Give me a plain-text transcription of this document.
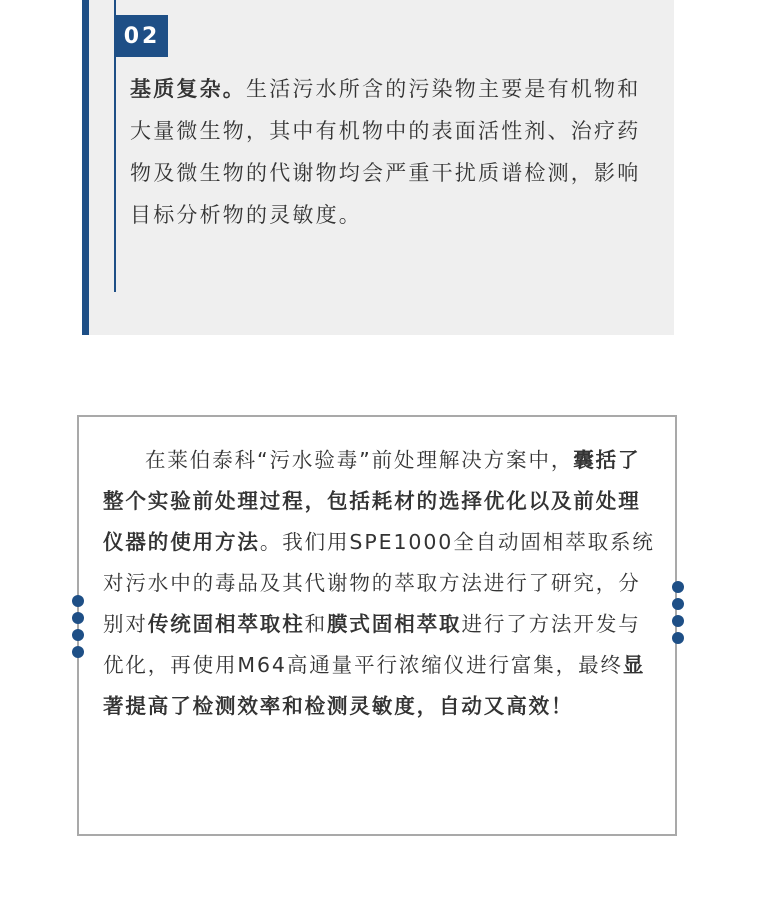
02

基质复杂。生活污水所含的污染物主要是有机物和大量微生物，其中有机物中的表面活性剂、治疗药物及微生物的代谢物均会严重干扰质谱检测，影响目标分析物的灵敏度。

在莱伯泰科“污水验毒”前处理解决方案中，囊括了整个实验前处理过程，包括耗材的选择优化以及前处理仪器的使用方法。我们用SPE1000全自动固相萃取系统对污水中的毒品及其代谢物的萃取方法进行了研究，分别对传统固相萃取柱和膜式固相萃取进行了方法开发与优化，再使用M64高通量平行浓缩仪进行富集，最终显著提高了检测效率和检测灵敏度，自动又高效！
